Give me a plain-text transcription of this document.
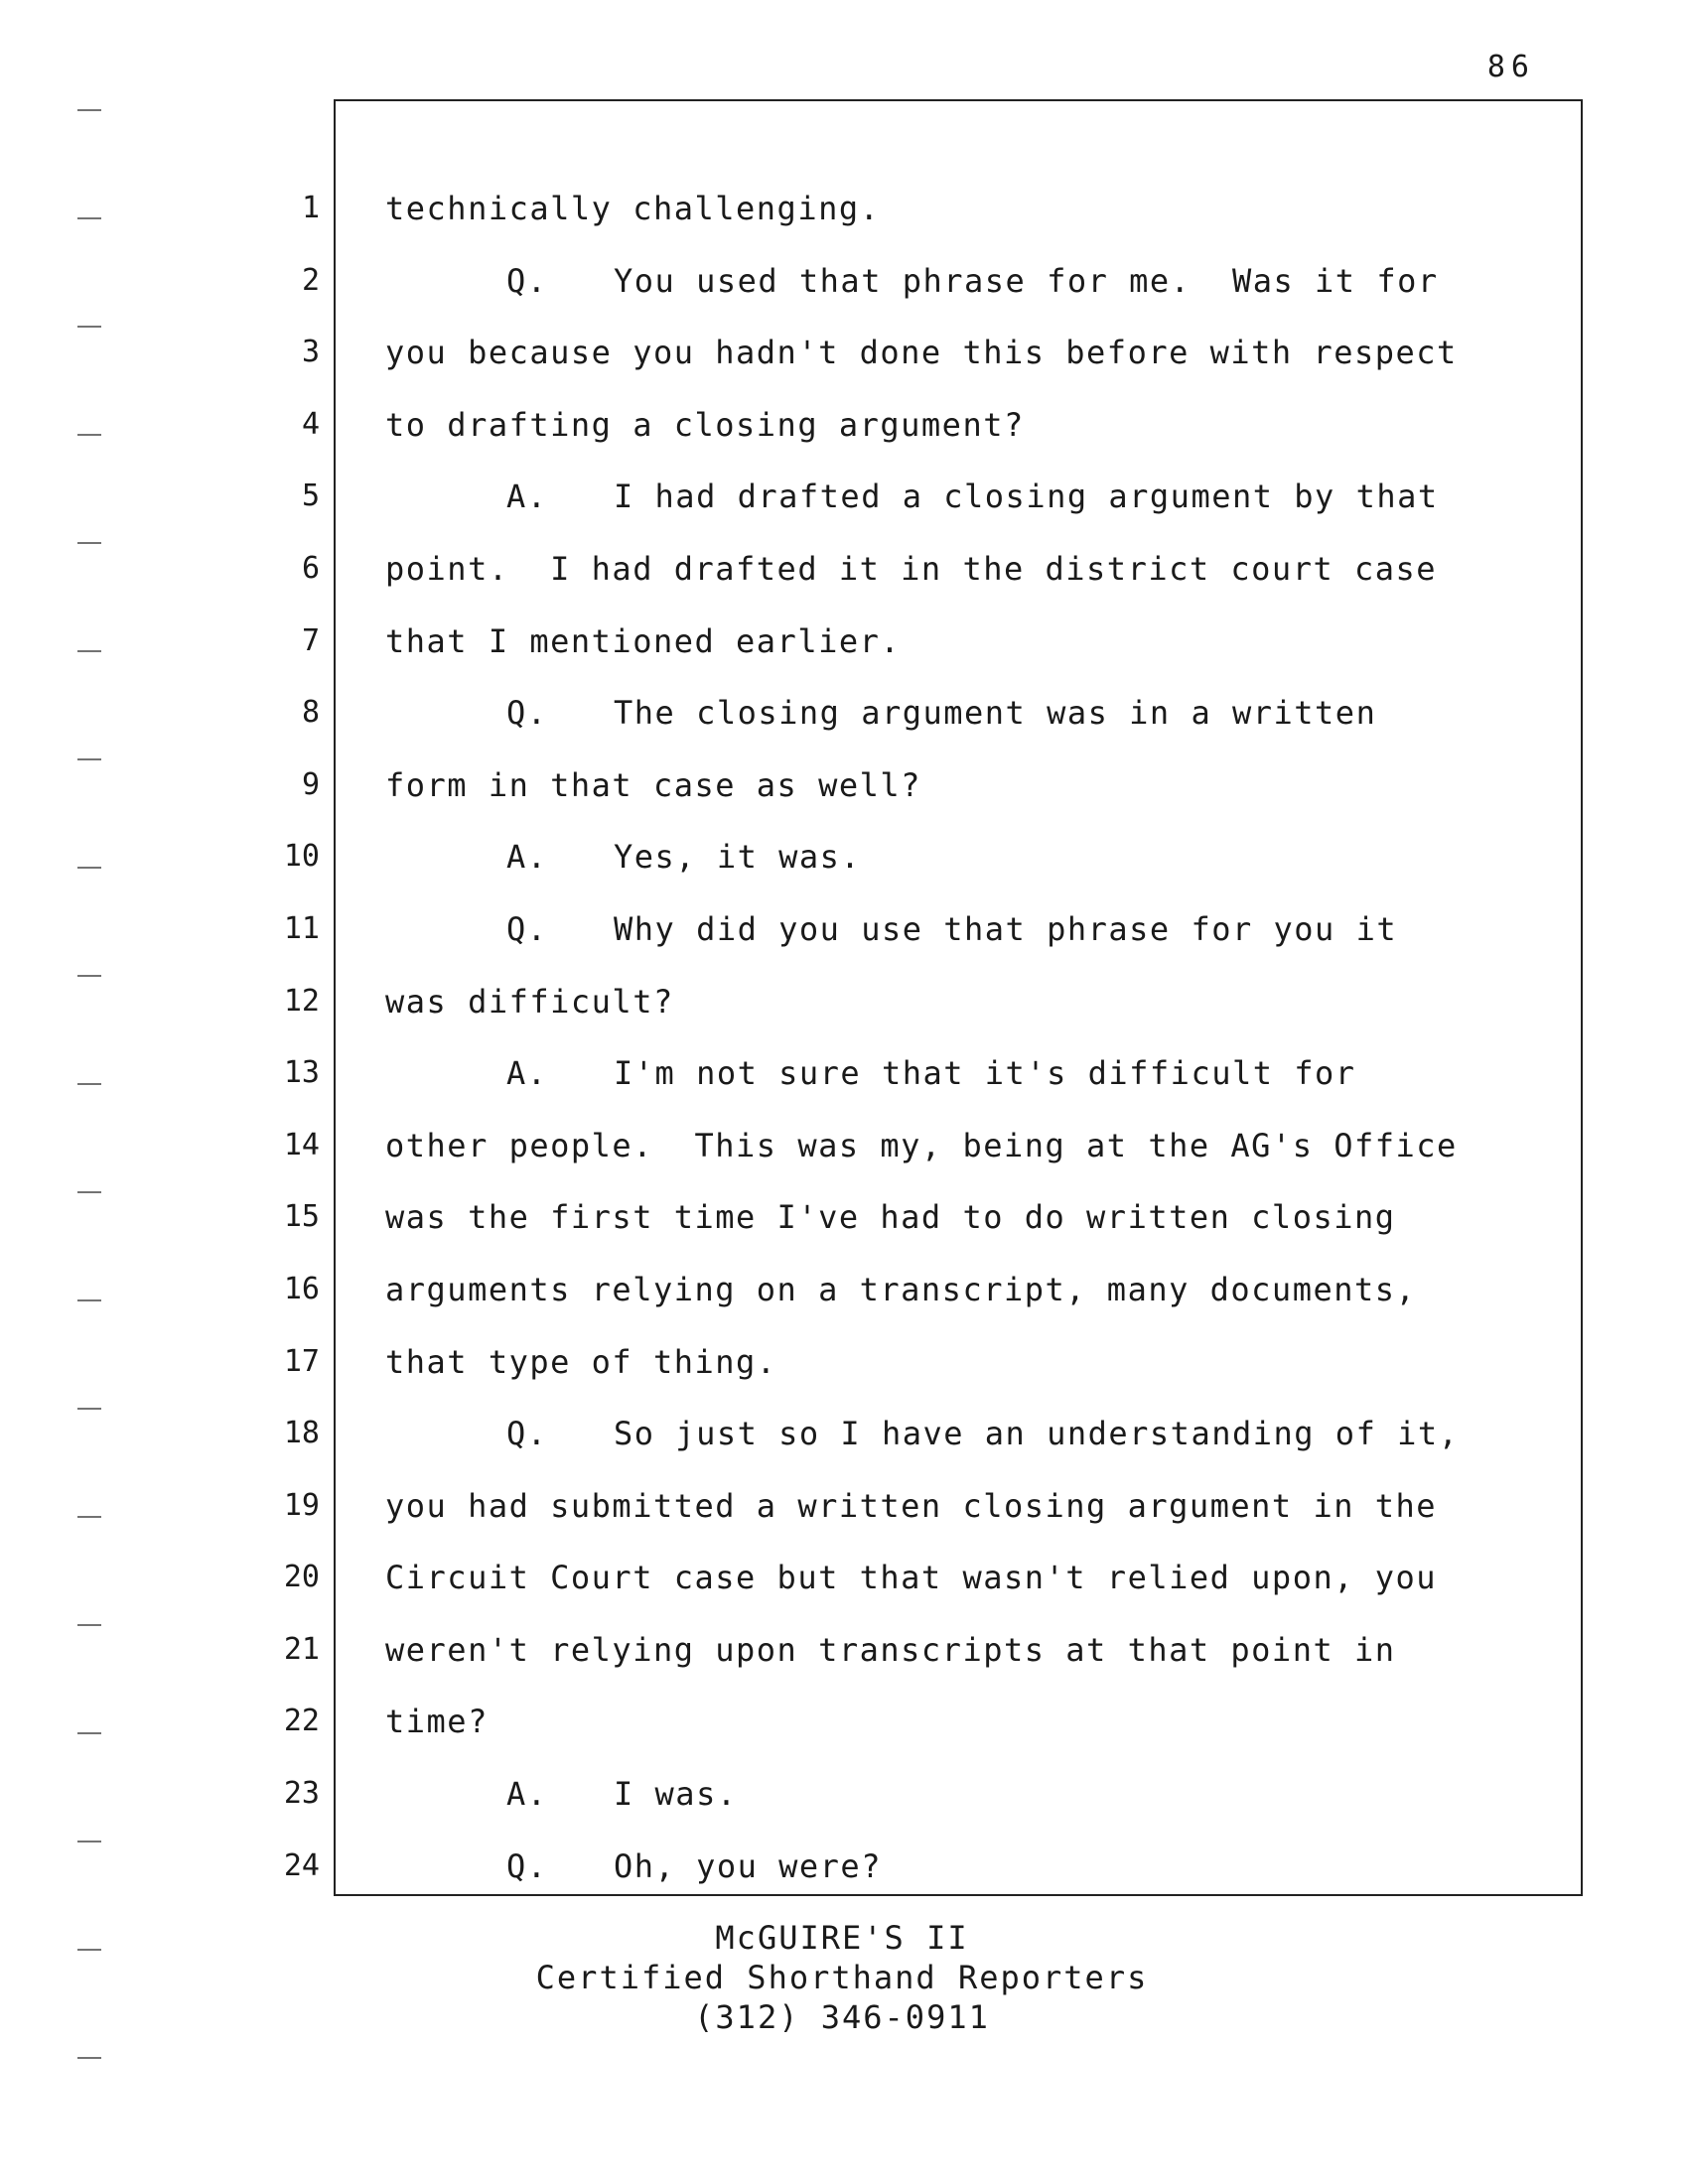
86
1
2
3
4
5
6
7
8
9
10
11
12
13
14
15
16
17
18
19
20
21
22
23
24
technically challenging.
Q. You used that phrase for me.  Was it for
you because you hadn't done this before with respect
to drafting a closing argument?
A. I had drafted a closing argument by that
point.  I had drafted it in the district court case
that I mentioned earlier.
Q. The closing argument was in a written
form in that case as well?
A. Yes, it was.
Q. Why did you use that phrase for you it
was difficult?
A. I'm not sure that it's difficult for
other people.  This was my, being at the AG's Office
was the first time I've had to do written closing
arguments relying on a transcript, many documents,
that type of thing.
Q. So just so I have an understanding of it,
you had submitted a written closing argument in the
Circuit Court case but that wasn't relied upon, you
weren't relying upon transcripts at that point in
time?
A. I was.
Q. Oh, you were?
McGUIRE'S II
Certified Shorthand Reporters
(312) 346-0911
